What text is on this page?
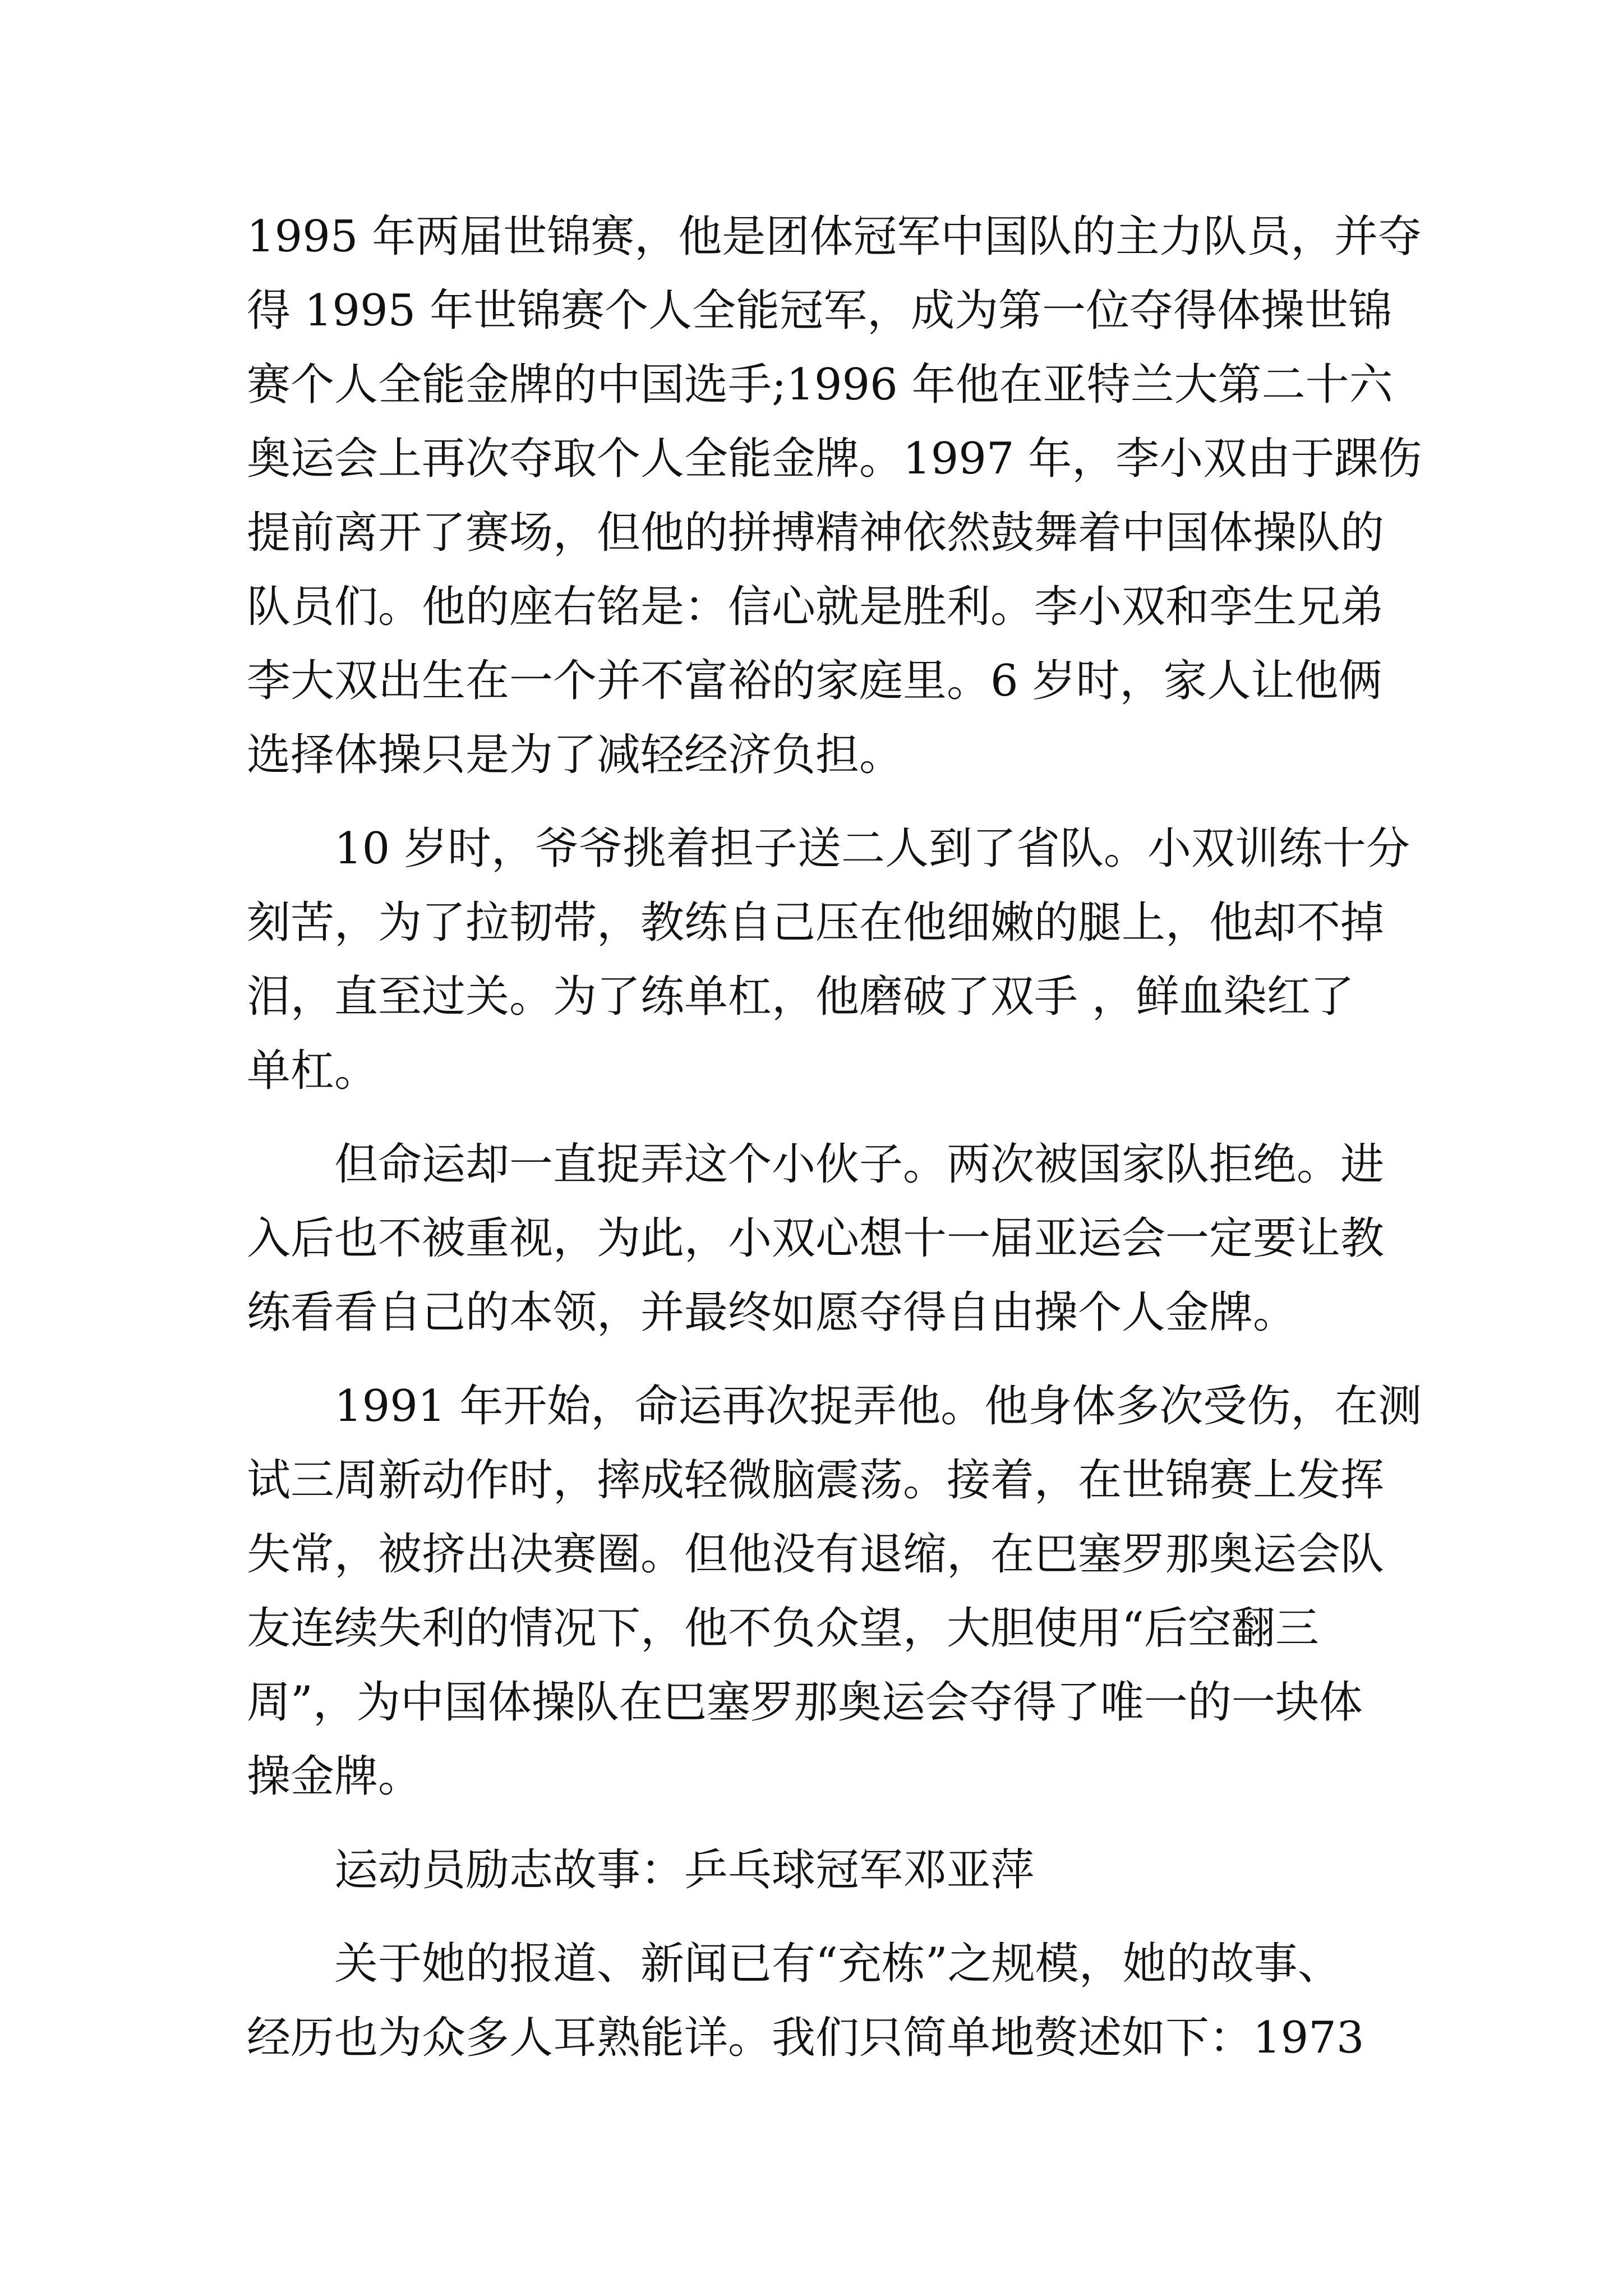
1995 年两届世锦赛，他是团体冠军中国队的主力队员，并夺
得 1995 年世锦赛个人全能冠军，成为第一位夺得体操世锦
赛个人全能金牌的中国选手;1996 年他在亚特兰大第二十六
奥运会上再次夺取个人全能金牌。1997 年，李小双由于踝伤
提前离开了赛场，但他的拼搏精神依然鼓舞着中国体操队的
队员们。他的座右铭是：信心就是胜利。李小双和孪生兄弟
李大双出生在一个并不富裕的家庭里。6 岁时，家人让他俩
选择体操只是为了减轻经济负担。
10 岁时，爷爷挑着担子送二人到了省队。小双训练十分
刻苦，为了拉韧带，教练自己压在他细嫩的腿上，他却不掉
泪，直至过关。为了练单杠，他磨破了双手 ，鲜血染红了
单杠。
但命运却一直捉弄这个小伙子。两次被国家队拒绝。进
入后也不被重视，为此，小双心想十一届亚运会一定要让教
练看看自己的本领，并最终如愿夺得自由操个人金牌。
1991 年开始，命运再次捉弄他。他身体多次受伤，在测
试三周新动作时，摔成轻微脑震荡。接着，在世锦赛上发挥
失常，被挤出决赛圈。但他没有退缩，在巴塞罗那奥运会队
友连续失利的情况下，他不负众望，大胆使用“后空翻三
周”，为中国体操队在巴塞罗那奥运会夺得了唯一的一块体
操金牌。
运动员励志故事：乒乓球冠军邓亚萍
关于她的报道、新闻已有“充栋”之规模，她的故事、
经历也为众多人耳熟能详。我们只简单地赘述如下：1973
